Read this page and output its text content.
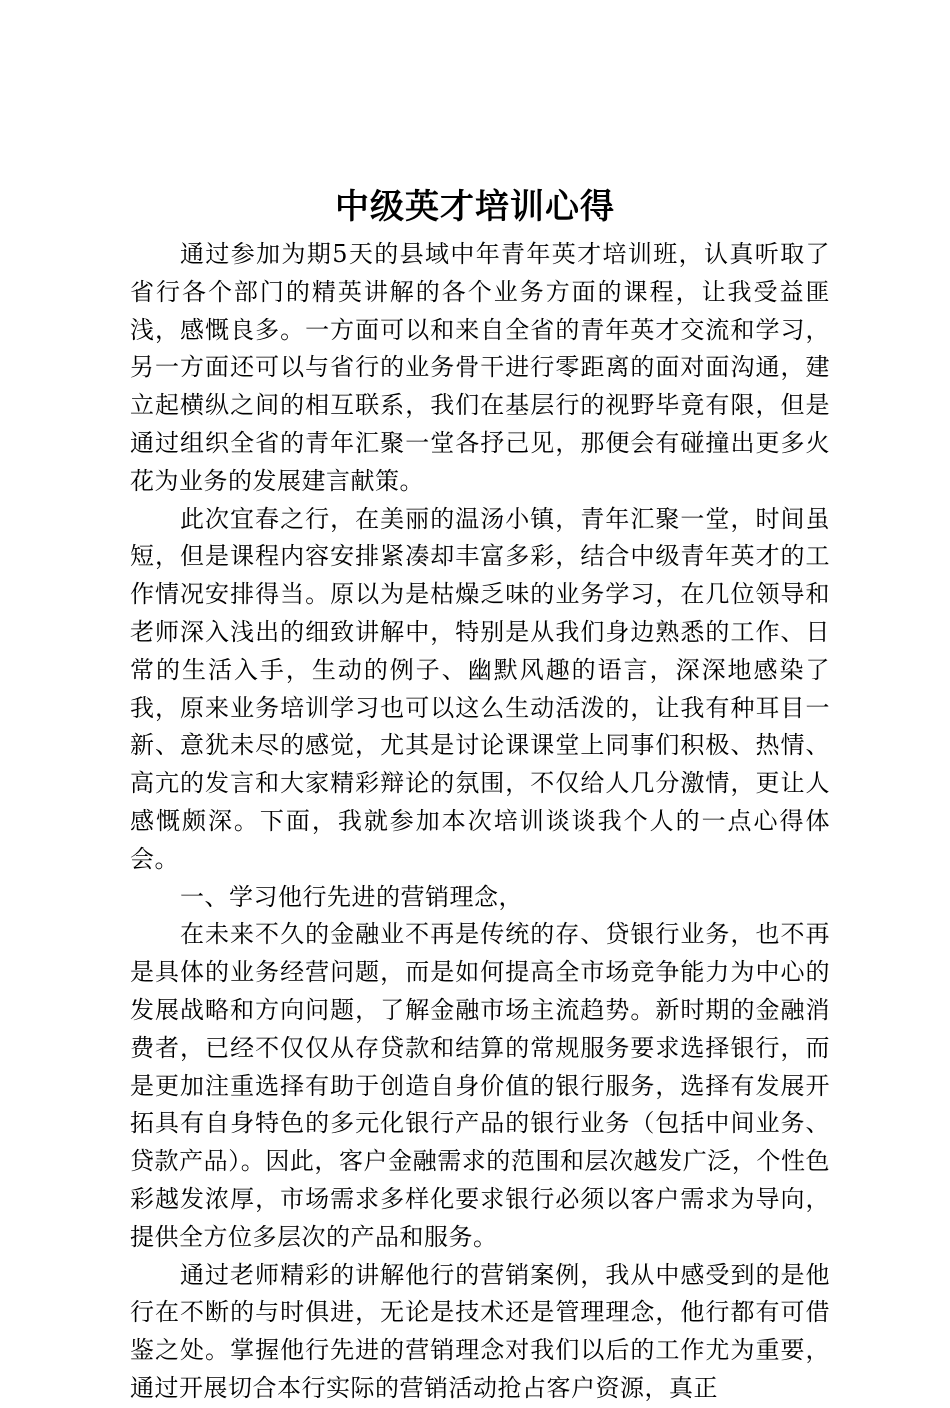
中级英才培训心得

通过参加为期5天的县域中年青年英才培训班，认真听取了省行各个部门的精英讲解的各个业务方面的课程，让我受益匪浅，感慨良多。一方面可以和来自全省的青年英才交流和学习，另一方面还可以与省行的业务骨干进行零距离的面对面沟通，建立起横纵之间的相互联系，我们在基层行的视野毕竟有限，但是通过组织全省的青年汇聚一堂各抒己见，那便会有碰撞出更多火花为业务的发展建言献策。

此次宜春之行，在美丽的温汤小镇，青年汇聚一堂，时间虽短，但是课程内容安排紧凑却丰富多彩，结合中级青年英才的工作情况安排得当。原以为是枯燥乏味的业务学习，在几位领导和老师深入浅出的细致讲解中，特别是从我们身边熟悉的工作、日常的生活入手，生动的例子、幽默风趣的语言，深深地感染了我，原来业务培训学习也可以这么生动活泼的，让我有种耳目一新、意犹未尽的感觉，尤其是讨论课课堂上同事们积极、热情、高亢的发言和大家精彩辩论的氛围，不仅给人几分激情，更让人感慨颇深。下面，我就参加本次培训谈谈我个人的一点心得体会。

一、学习他行先进的营销理念，

在未来不久的金融业不再是传统的存、贷银行业务，也不再是具体的业务经营问题，而是如何提高全市场竞争能力为中心的发展战略和方向问题，了解金融市场主流趋势。新时期的金融消费者，已经不仅仅从存贷款和结算的常规服务要求选择银行，而是更加注重选择有助于创造自身价值的银行服务，选择有发展开拓具有自身特色的多元化银行产品的银行业务（包括中间业务、贷款产品）。因此，客户金融需求的范围和层次越发广泛，个性色彩越发浓厚，市场需求多样化要求银行必须以客户需求为导向，提供全方位多层次的产品和服务。

通过老师精彩的讲解他行的营销案例，我从中感受到的是他行在不断的与时俱进，无论是技术还是管理理念，他行都有可借鉴之处。掌握他行先进的营销理念对我们以后的工作尤为重要，通过开展切合本行实际的营销活动抢占客户资源，真正
